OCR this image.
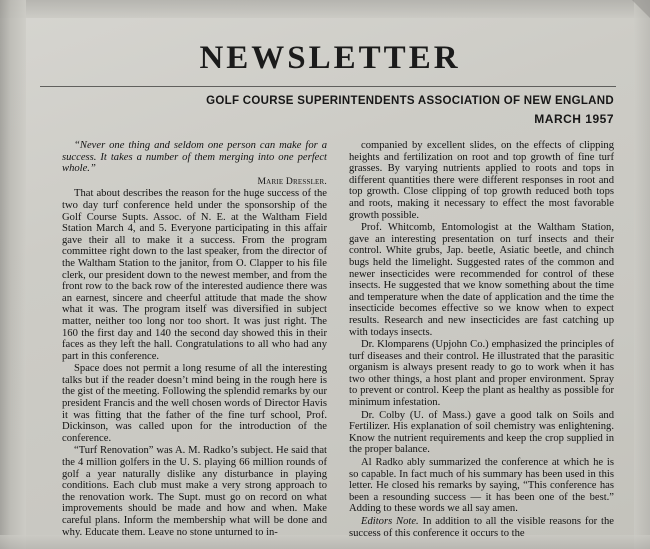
NEWSLETTER
GOLF COURSE SUPERINTENDENTS ASSOCIATION OF NEW ENGLAND
MARCH 1957

“Never one thing and seldom one person can make for a success. It takes a number of them merging into one perfect whole.”

Marie Dressler.

That about describes the reason for the huge success of the two day turf conference held under the sponsorship of the Golf Course Supts. Assoc. of N. E. at the Waltham Field Station March 4, and 5. Everyone participating in this affair gave their all to make it a success. From the program committee right down to the last speaker, from the director of the Waltham Station to the janitor, from O. Clapper to his file clerk, our president down to the newest member, and from the front row to the back row of the interested audience there was an earnest, sincere and cheerful attitude that made the show what it was. The program itself was diversified in subject matter, neither too long nor too short. It was just right. The 160 the first day and 140 the second day showed this in their faces as they left the hall. Congratulations to all who had any part in this conference.

Space does not permit a long resume of all the interesting talks but if the reader doesn’t mind being in the rough here is the gist of the meeting. Following the splendid remarks by our president Francis and the well chosen words of Director Havis it was fitting that the father of the fine turf school, Prof. Dickinson, was called upon for the introduction of the conference.

“Turf Renovation” was A. M. Radko’s subject. He said that the 4 million golfers in the U. S. playing 66 million rounds of golf a year naturally dislike any disturbance in playing conditions. Each club must make a very strong approach to the renovation work. The Supt. must go on record on what improvements should be made and how and when. Make careful plans. Inform the membership what will be done and why. Educate them. Leave no stone unturned to in-

companied by excellent slides, on the effects of clipping heights and fertilization on root and top growth of fine turf grasses. By varying nutrients applied to roots and tops in different quantities there were different responses in root and top growth. Close clipping of top growth reduced both tops and roots, making it necessary to effect the most favorable growth possible.

Prof. Whitcomb, Entomologist at the Waltham Station, gave an interesting presentation on turf insects and their control. White grubs, Jap. beetle, Asiatic beetle, and chinch bugs held the limelight. Suggested rates of the common and newer insecticides were recommended for control of these insects. He suggested that we know something about the time and temperature when the date of application and the time the insecticide becomes effective so we know when to expect results. Research and new insecticides are fast catching up with todays insects.

Dr. Klomparens (Upjohn Co.) emphasized the principles of turf diseases and their control. He illustrated that the parasitic organism is always present ready to go to work when it has two other things, a host plant and proper environment. Spray to prevent or control. Keep the plant as healthy as possible for minimum infestation.

Dr. Colby (U. of Mass.) gave a good talk on Soils and Fertilizer. His explanation of soil chemistry was enlightening. Know the nutrient requirements and keep the crop supplied in the proper balance.

Al Radko ably summarized the conference at which he is so capable. In fact much of his summary has been used in this letter. He closed his remarks by saying, “This conference has been a resounding success — it has been one of the best.” Adding to these words we all say amen.

Editors Note. In addition to all the visible reasons for the success of this conference it occurs to the
